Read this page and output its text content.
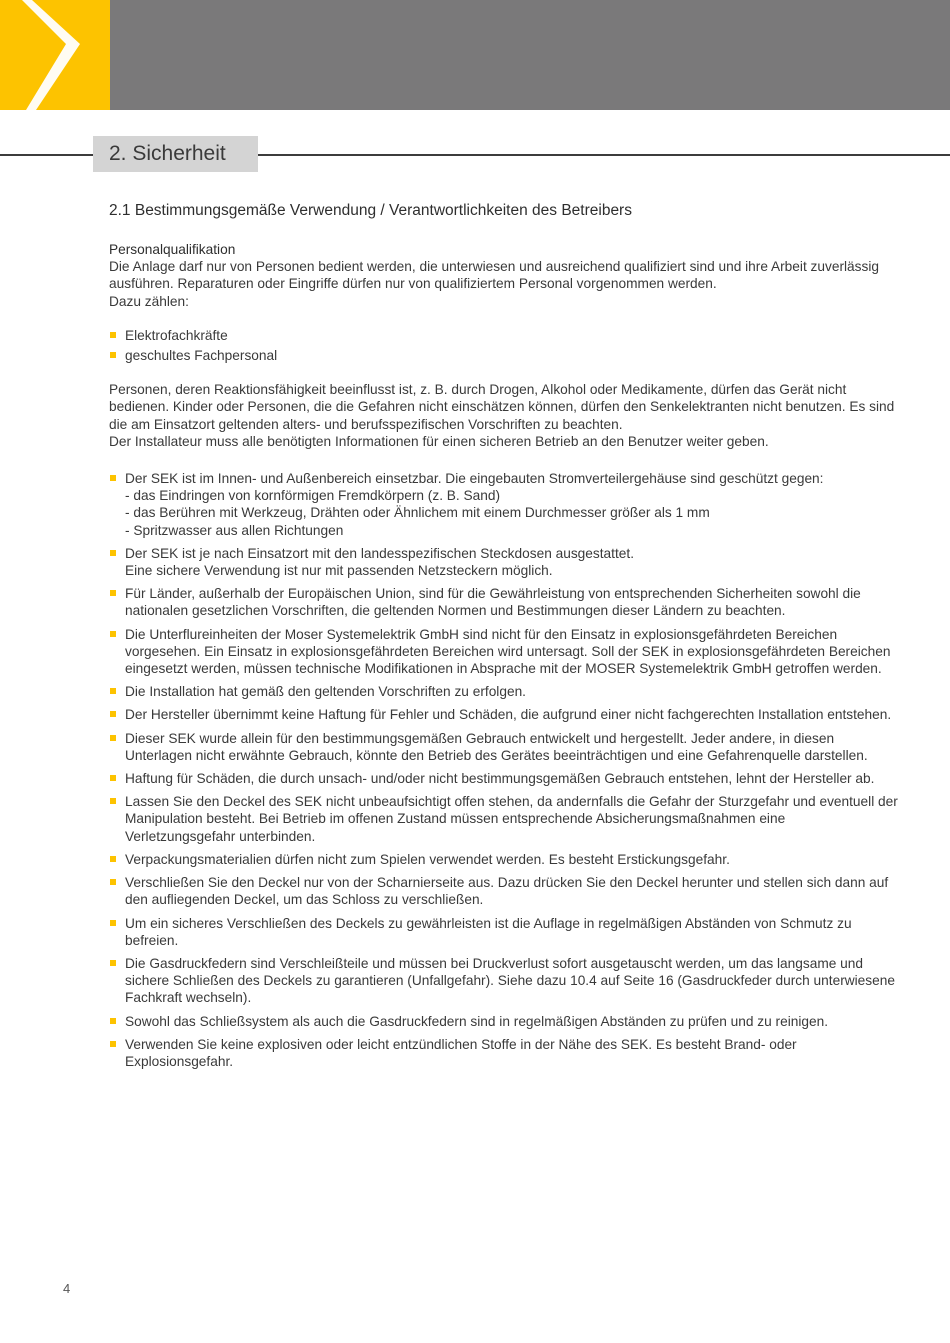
2. Sicherheit
2.1 Bestimmungsgemäße Verwendung / Verantwortlichkeiten des Betreibers

Personalqualifikation

Die Anlage darf nur von Personen bedient werden, die unterwiesen und ausreichend qualifiziert sind und ihre Arbeit zuverlässig ausführen. Reparaturen oder Eingriffe dürfen nur von qualifiziertem Personal vorgenommen werden.

Dazu zählen:

Elektrofachkräfte
geschultes Fachpersonal

Personen, deren Reaktionsfähigkeit beeinflusst ist, z. B. durch Drogen, Alkohol oder Medikamente, dürfen das Gerät nicht bedienen. Kinder oder Personen, die die Gefahren nicht einschätzen können, dürfen den Senkelektranten nicht benutzen. Es sind die am Einsatzort geltenden alters- und berufsspezifischen Vorschriften zu beachten.

Der Installateur muss alle benötigten Informationen für einen sicheren Betrieb an den Benutzer weiter geben.

Der SEK ist im Innen- und Außenbereich einsetzbar. Die eingebauten Stromverteilergehäuse sind geschützt gegen:
- das Eindringen von kornförmigen Fremdkörpern (z. B. Sand)
- das Berühren mit Werkzeug, Drähten oder Ähnlichem mit einem Durchmesser größer als 1 mm
- Spritzwasser aus allen Richtungen
Der SEK ist je nach Einsatzort mit den landesspezifischen Steckdosen ausgestattet.
Eine sichere Verwendung ist nur mit passenden Netzsteckern möglich.
Für Länder, außerhalb der Europäischen Union, sind für die Gewährleistung von entsprechenden Sicherheiten sowohl die nationalen gesetzlichen Vorschriften, die geltenden Normen und Bestimmungen dieser Ländern zu beachten.
Die Unterflureinheiten der Moser Systemelektrik GmbH sind nicht für den Einsatz in explosionsgefährdeten Bereichen vorgesehen. Ein Einsatz in explosionsgefährdeten Bereichen wird untersagt. Soll der SEK in explosionsgefährdeten Bereichen eingesetzt werden, müssen technische Modifikationen in Absprache mit der MOSER Systemelektrik GmbH getroffen werden.
Die Installation hat gemäß den geltenden Vorschriften zu erfolgen.
Der Hersteller übernimmt keine Haftung für Fehler und Schäden, die aufgrund einer nicht fachgerechten Installation entstehen.
Dieser SEK wurde allein für den bestimmungsgemäßen Gebrauch entwickelt und hergestellt. Jeder andere, in diesen Unterlagen nicht erwähnte Gebrauch, könnte den Betrieb des Gerätes beeinträchtigen und eine Gefahrenquelle darstellen.
Haftung für Schäden, die durch unsach- und/oder nicht bestimmungsgemäßen Gebrauch entstehen, lehnt der Hersteller ab.
Lassen Sie den Deckel des SEK nicht unbeaufsichtigt offen stehen, da andernfalls die Gefahr der Sturzgefahr und eventuell der Manipulation besteht. Bei Betrieb im offenen Zustand müssen entsprechende Absicherungsmaßnahmen eine Verletzungsgefahr unterbinden.
Verpackungsmaterialien dürfen nicht zum Spielen verwendet werden. Es besteht Erstickungsgefahr.
Verschließen Sie den Deckel nur von der Scharnierseite aus. Dazu drücken Sie den Deckel herunter und stellen sich dann auf den aufliegenden Deckel, um das Schloss zu verschließen.
Um ein sicheres Verschließen des Deckels zu gewährleisten ist die Auflage in regelmäßigen Abständen von Schmutz zu befreien.
Die Gasdruckfedern sind Verschleißteile und müssen bei Druckverlust sofort ausgetauscht werden, um das langsame und sichere Schließen des Deckels zu garantieren (Unfallgefahr). Siehe dazu 10.4 auf Seite 16 (Gasdruckfeder durch unterwiesene Fachkraft wechseln).
Sowohl das Schließsystem als auch die Gasdruckfedern sind in regelmäßigen Abständen zu prüfen und zu reinigen.
Verwenden Sie keine explosiven oder leicht entzündlichen Stoffe in der Nähe des SEK. Es besteht Brand- oder Explosionsgefahr.
4
